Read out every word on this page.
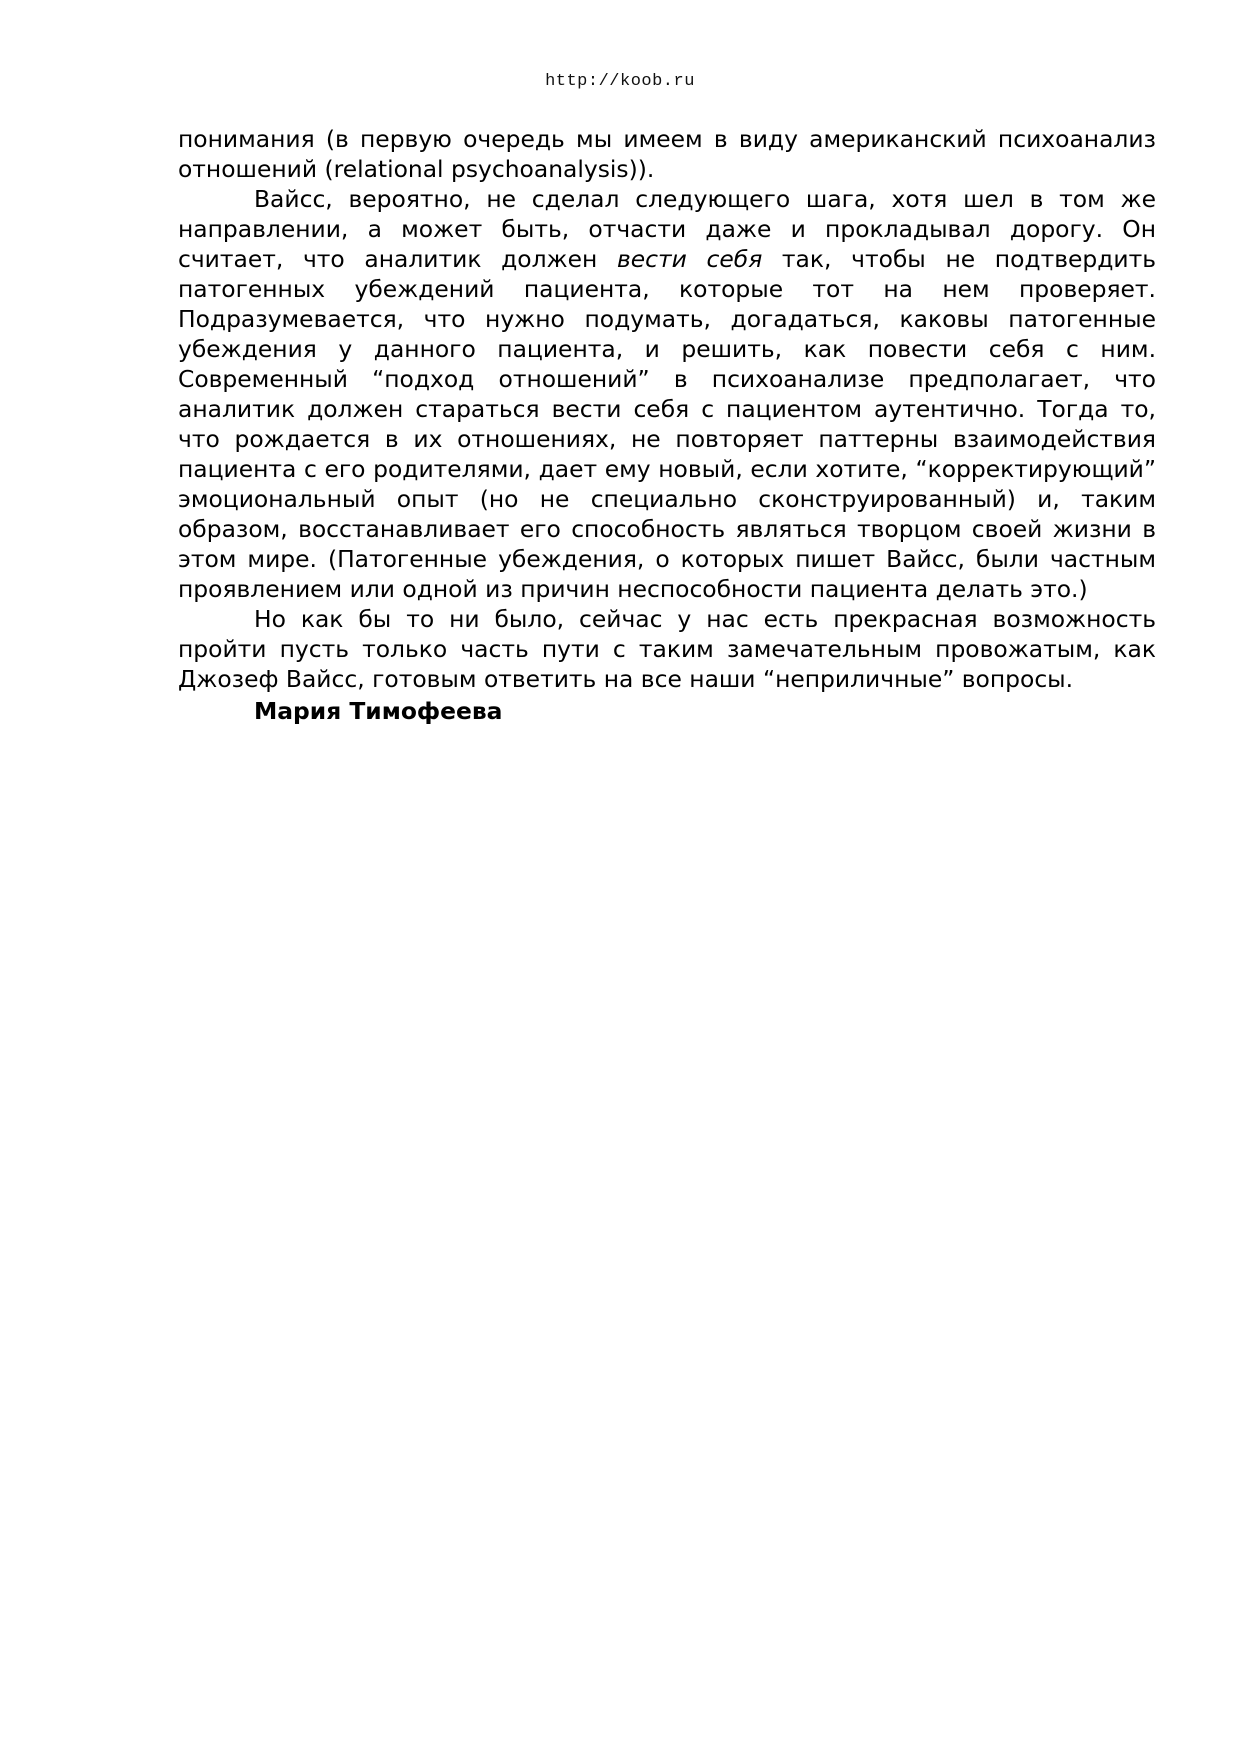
http://koob.ru

понимания (в первую очередь мы имеем в виду американский психоанализ отношений (relational psychoanalysis)).

Вайсс, вероятно, не сделал следующего шага, хотя шел в том же направлении, а может быть, отчасти даже и прокладывал дорогу. Он считает, что аналитик должен вести себя так, чтобы не подтвердить патогенных убеждений пациента, которые тот на нем проверяет. Подразумевается, что нужно подумать, догадаться, каковы патогенные убеждения у данного пациента, и решить, как повести себя с ним. Современный “подход отношений” в психоанализе предполагает, что аналитик должен стараться вести себя с пациентом аутентично. Тогда то, что рождается в их отношениях, не повторяет паттерны взаимодействия пациента с его родителями, дает ему новый, если хотите, “корректирующий” эмоциональный опыт (но не специально сконструированный) и, таким образом, восстанавливает его способность являться творцом своей жизни в этом мире. (Патогенные убеждения, о которых пишет Вайсс, были частным проявлением или одной из причин неспособности пациента делать это.)

Но как бы то ни было, сейчас у нас есть прекрасная возможность пройти пусть только часть пути с таким замечательным провожатым, как Джозеф Вайсс, готовым ответить на все наши “неприличные” вопросы.

Мария Тимофеева
